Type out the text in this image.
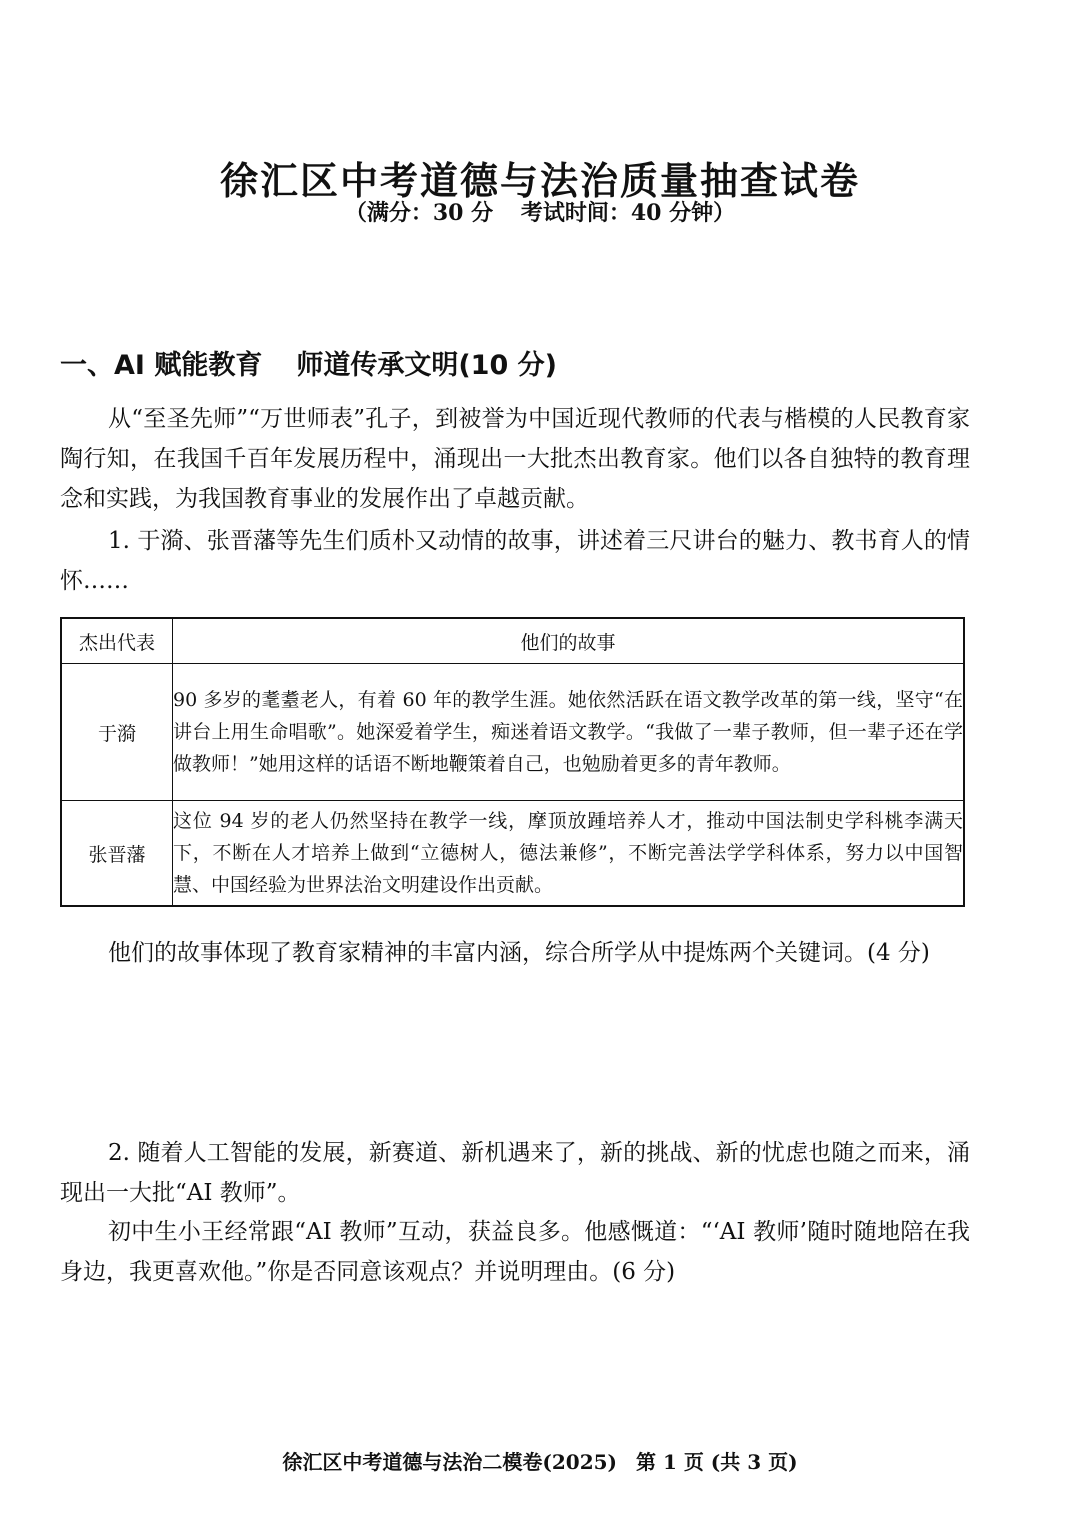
徐汇区中考道德与法治质量抽查试卷
（满分：30 分 考试时间：40 分钟）
一、AI 赋能教育 师道传承文明(10 分)
从“至圣先师”“万世师表”孔子，到被誉为中国近现代教师的代表与楷模的人民教育家陶行知，在我国千百年发展历程中，涌现出一大批杰出教育家。他们以各自独特的教育理念和实践，为我国教育事业的发展作出了卓越贡献。
1. 于漪、张晋藩等先生们质朴又动情的故事，讲述着三尺讲台的魅力、教书育人的情怀……
杰出代表	他们的故事
于漪	90 多岁的耄耋老人，有着 60 年的教学生涯。她依然活跃在语文教学改革的第一线，坚守“在讲台上用生命唱歌”。她深爱着学生，痴迷着语文教学。“我做了一辈子教师，但一辈子还在学做教师！”她用这样的话语不断地鞭策着自己，也勉励着更多的青年教师。
张晋藩	这位 94 岁的老人仍然坚持在教学一线，摩顶放踵培养人才，推动中国法制史学科桃李满天下，不断在人才培养上做到“立德树人，德法兼修”，不断完善法学学科体系，努力以中国智慧、中国经验为世界法治文明建设作出贡献。
他们的故事体现了教育家精神的丰富内涵，综合所学从中提炼两个关键词。(4 分)
2. 随着人工智能的发展，新赛道、新机遇来了，新的挑战、新的忧虑也随之而来，涌现出一大批“AI 教师”。
初中生小王经常跟“AI 教师”互动，获益良多。他感慨道：“‘AI 教师’随时随地陪在我身边，我更喜欢他。”你是否同意该观点？并说明理由。(6 分)
徐汇区中考道德与法治二模卷(2025) 第 1 页 (共 3 页)
